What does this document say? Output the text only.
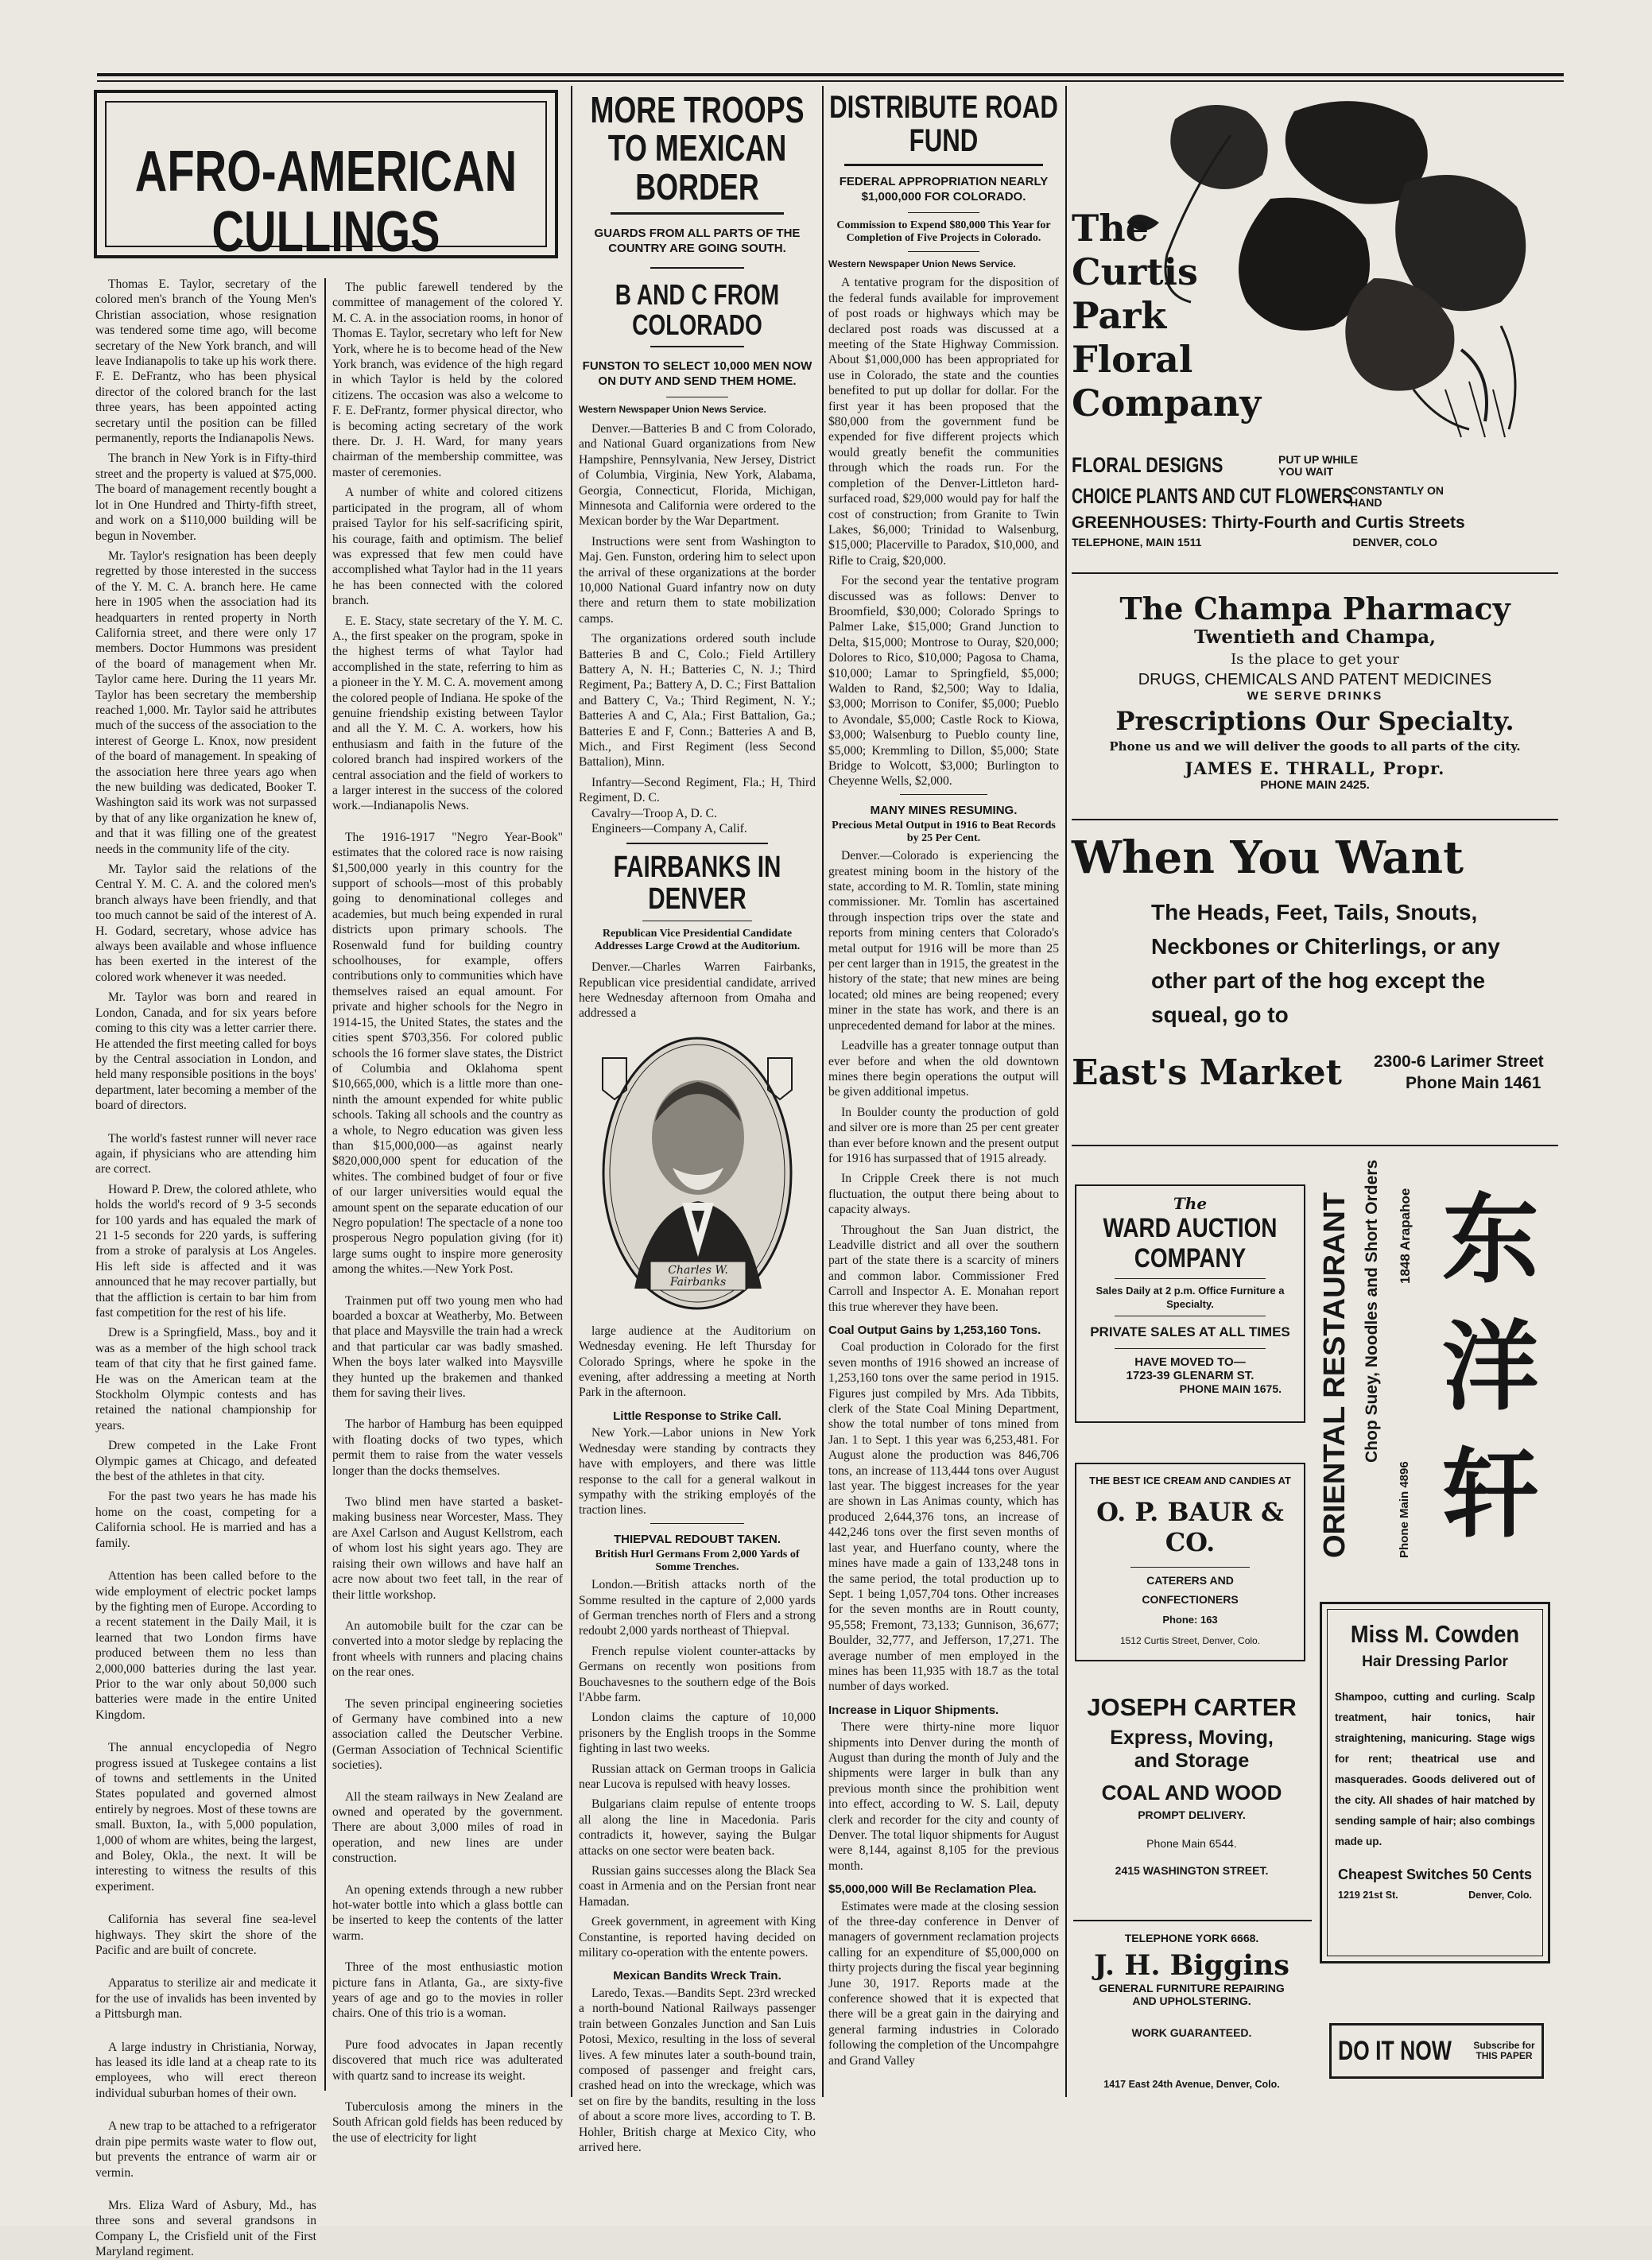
AFRO-AMERICAN CULLINGS

Thomas E. Taylor, secretary of the colored men's branch of the Young Men's Christian association, whose resignation was tendered some time ago, will become secretary of the New York branch, and will leave Indianapolis to take up his work there. F. E. DeFrantz, who has been physical director of the colored branch for the last three years, has been appointed acting secretary until the position can be filled permanently, reports the Indianapolis News.

The branch in New York is in Fifty-third street and the property is valued at $75,000. The board of management recently bought a lot in One Hundred and Thirty-fifth street, and work on a $110,000 building will be begun in November.

Mr. Taylor's resignation has been deeply regretted by those interested in the success of the Y. M. C. A. branch here. He came here in 1905 when the association had its headquarters in rented property in North California street, and there were only 17 members. Doctor Hummons was president of the board of management when Mr. Taylor came here. During the 11 years Mr. Taylor has been secretary the membership reached 1,000. Mr. Taylor said he attributes much of the success of the association to the interest of George L. Knox, now president of the board of management. In speaking of the association here three years ago when the new building was dedicated, Booker T. Washington said its work was not surpassed by that of any like organization he knew of, and that it was filling one of the greatest needs in the community life of the city.

Mr. Taylor said the relations of the Central Y. M. C. A. and the colored men's branch always have been friendly, and that too much cannot be said of the interest of A. H. Godard, secretary, whose advice has always been available and whose influence has been exerted in the interest of the colored work whenever it was needed.

Mr. Taylor was born and reared in London, Canada, and for six years before coming to this city was a letter carrier there. He attended the first meeting called for boys by the Central association in London, and held many responsible positions in the boys' department, later becoming a member of the board of directors.

The world's fastest runner will never race again, if physicians who are attending him are correct.

Howard P. Drew, the colored athlete, who holds the world's record of 9 3-5 seconds for 100 yards and has equaled the mark of 21 1-5 seconds for 220 yards, is suffering from a stroke of paralysis at Los Angeles. His left side is affected and it was announced that he may recover partially, but that the affliction is certain to bar him from fast competition for the rest of his life.

Drew is a Springfield, Mass., boy and it was as a member of the high school track team of that city that he first gained fame. He was on the American team at the Stockholm Olympic contests and has retained the national championship for years.

Drew competed in the Lake Front Olympic games at Chicago, and defeated the best of the athletes in that city.

For the past two years he has made his home on the coast, competing for a California school. He is married and has a family.

Attention has been called before to the wide employment of electric pocket lamps by the fighting men of Europe. According to a recent statement in the Daily Mail, it is learned that two London firms have produced between them no less than 2,000,000 batteries during the last year. Prior to the war only about 50,000 such batteries were made in the entire United Kingdom.

The annual encyclopedia of Negro progress issued at Tuskegee contains a list of towns and settlements in the United States populated and governed almost entirely by negroes. Most of these towns are small. Buxton, Ia., with 5,000 population, 1,000 of whom are whites, being the largest, and Boley, Okla., the next. It will be interesting to witness the results of this experiment.

California has several fine sea-level highways. They skirt the shore of the Pacific and are built of concrete.

Apparatus to sterilize air and medicate it for the use of invalids has been invented by a Pittsburgh man.

A large industry in Christiania, Norway, has leased its idle land at a cheap rate to its employees, who will erect thereon individual suburban homes of their own.

A new trap to be attached to a refrigerator drain pipe permits waste water to flow out, but prevents the entrance of warm air or vermin.

Mrs. Eliza Ward of Asbury, Md., has three sons and several grandsons in Company L, the Crisfield unit of the First Maryland regiment.

The public farewell tendered by the committee of management of the colored Y. M. C. A. in the association rooms, in honor of Thomas E. Taylor, secretary who left for New York, where he is to become head of the New York branch, was evidence of the high regard in which Taylor is held by the colored citizens. The occasion was also a welcome to F. E. DeFrantz, former physical director, who is becoming acting secretary of the work there. Dr. J. H. Ward, for many years chairman of the membership committee, was master of ceremonies.

A number of white and colored citizens participated in the program, all of whom praised Taylor for his self-sacrificing spirit, his courage, faith and optimism. The belief was expressed that few men could have accomplished what Taylor had in the 11 years he has been connected with the colored branch.

E. E. Stacy, state secretary of the Y. M. C. A., the first speaker on the program, spoke in the highest terms of what Taylor had accomplished in the state, referring to him as a pioneer in the Y. M. C. A. movement among the colored people of Indiana. He spoke of the genuine friendship existing between Taylor and all the Y. M. C. A. workers, how his enthusiasm and faith in the future of the colored branch had inspired workers of the central association and the field of workers to a larger interest in the success of the colored work.—Indianapolis News.

The 1916-1917 "Negro Year-Book" estimates that the colored race is now raising $1,500,000 yearly in this country for the support of schools—most of this probably going to denominational colleges and academies, but much being expended in rural districts upon primary schools. The Rosenwald fund for building country schoolhouses, for example, offers contributions only to communities which have themselves raised an equal amount. For private and higher schools for the Negro in 1914-15, the United States, the states and the cities spent $703,356. For colored public schools the 16 former slave states, the District of Columbia and Oklahoma spent $10,665,000, which is a little more than one-ninth the amount expended for white public schools. Taking all schools and the country as a whole, to Negro education was given less than $15,000,000—as against nearly $820,000,000 spent for education of the whites. The combined budget of four or five of our larger universities would equal the amount spent on the separate education of our Negro population! The spectacle of a none too prosperous Negro population giving (for it) large sums ought to inspire more generosity among the whites.—New York Post.

Trainmen put off two young men who had boarded a boxcar at Weatherby, Mo. Between that place and Maysville the train had a wreck and that particular car was badly smashed. When the boys later walked into Maysville they hunted up the brakemen and thanked them for saving their lives.

The harbor of Hamburg has been equipped with floating docks of two types, which permit them to raise from the water vessels longer than the docks themselves.

Two blind men have started a basket-making business near Worcester, Mass. They are Axel Carlson and August Kellstrom, each of whom lost his sight years ago. They are raising their own willows and have half an acre now about two feet tall, in the rear of their little workshop.

An automobile built for the czar can be converted into a motor sledge by replacing the front wheels with runners and placing chains on the rear ones.

The seven principal engineering societies of Germany have combined into a new association called the Deutscher Verbine. (German Association of Technical Scientific societies).

All the steam railways in New Zealand are owned and operated by the government. There are about 3,000 miles of road in operation, and new lines are under construction.

An opening extends through a new rubber hot-water bottle into which a glass bottle can be inserted to keep the contents of the latter warm.

Three of the most enthusiastic motion picture fans in Atlanta, Ga., are sixty-five years of age and go to the movies in roller chairs. One of this trio is a woman.

Pure food advocates in Japan recently discovered that much rice was adulterated with quartz sand to increase its weight.

Tuberculosis among the miners in the South African gold fields has been reduced by the use of electricity for light

MORE TROOPS TO MEXICAN BORDER
GUARDS FROM ALL PARTS OF THE COUNTRY ARE GOING SOUTH.
B AND C FROM COLORADO
FUNSTON TO SELECT 10,000 MEN NOW ON DUTY AND SEND THEM HOME.
Western Newspaper Union News Service.

Denver.—Batteries B and C from Colorado, and National Guard organizations from New Hampshire, Pennsylvania, New Jersey, District of Columbia, Virginia, New York, Alabama, Georgia, Connecticut, Florida, Michigan, Minnesota and California were ordered to the Mexican border by the War Department.

Instructions were sent from Washington to Maj. Gen. Funston, ordering him to select upon the arrival of these organizations at the border 10,000 National Guard infantry now on duty there and return them to state mobilization camps.

The organizations ordered south include Batteries B and C, Colo.; Field Artillery Battery A, N. H.; Batteries C, N. J.; Third Regiment, Pa.; Battery A, D. C.; First Battalion and Battery C, Va.; Third Regiment, N. Y.; Batteries A and C, Ala.; First Battalion, Ga.; Batteries E and F, Conn.; Batteries A and B, Mich., and First Regiment (less Second Battalion), Minn.

Infantry—Second Regiment, Fla.; H, Third Regiment, D. C.

Cavalry—Troop A, D. C.

Engineers—Company A, Calif.

FAIRBANKS IN DENVER
Republican Vice Presidential Candidate Addresses Large Crowd at the Auditorium.

Denver.—Charles Warren Fairbanks, Republican vice presidential candidate, arrived here Wednesday afternoon from Omaha and addressed a

Charles W. Fairbanks

large audience at the Auditorium on Wednesday evening. He left Thursday for Colorado Springs, where he spoke in the evening, after addressing a meeting at North Park in the afternoon.

Little Response to Strike Call.

New York.—Labor unions in New York Wednesday were standing by contracts they have with employers, and there was little response to the call for a general walkout in sympathy with the striking employés of the traction lines.

THIEPVAL REDOUBT TAKEN.
British Hurl Germans From 2,000 Yards of Somme Trenches.

London.—British attacks north of the Somme resulted in the capture of 2,000 yards of German trenches north of Flers and a strong redoubt 2,000 yards northeast of Thiepval.

French repulse violent counter-attacks by Germans on recently won positions from Bouchavesnes to the southern edge of the Bois l'Abbe farm.

London claims the capture of 10,000 prisoners by the English troops in the Somme fighting in last two weeks.

Russian attack on German troops in Galicia near Lucova is repulsed with heavy losses.

Bulgarians claim repulse of entente troops all along the line in Macedonia. Paris contradicts it, however, saying the Bulgar attacks on one sector were beaten back.

Russian gains successes along the Black Sea coast in Armenia and on the Persian front near Hamadan.

Greek government, in agreement with King Constantine, is reported having decided on military co-operation with the entente powers.

Mexican Bandits Wreck Train.

Laredo, Texas.—Bandits Sept. 23rd wrecked a north-bound National Railways passenger train between Gonzales Junction and San Luis Potosi, Mexico, resulting in the loss of several lives. A few minutes later a south-bound train, composed of passenger and freight cars, crashed head on into the wreckage, which was set on fire by the bandits, resulting in the loss of about a score more lives, according to T. B. Hohler, British charge at Mexico City, who arrived here.

DISTRIBUTE ROAD FUND
FEDERAL APPROPRIATION NEARLY $1,000,000 FOR COLORADO.
Commission to Expend $80,000 This Year for Completion of Five Projects in Colorado.
Western Newspaper Union News Service.

A tentative program for the disposition of the federal funds available for improvement of post roads or highways which may be declared post roads was discussed at a meeting of the State Highway Commission. About $1,000,000 has been appropriated for use in Colorado, the state and the counties benefited to put up dollar for dollar. For the first year it has been proposed that the $80,000 from the government fund be expended for five different projects which would greatly benefit the communities through which the roads run. For the completion of the Denver-Littleton hard-surfaced road, $29,000 would pay for half the cost of construction; from Granite to Twin Lakes, $6,000; Trinidad to Walsenburg, $15,000; Placerville to Paradox, $10,000, and Rifle to Craig, $20,000.

For the second year the tentative program discussed was as follows: Denver to Broomfield, $30,000; Colorado Springs to Palmer Lake, $15,000; Grand Junction to Delta, $15,000; Montrose to Ouray, $20,000; Dolores to Rico, $10,000; Pagosa to Chama, $10,000; Lamar to Springfield, $5,000; Walden to Rand, $2,500; Way to Idalia, $3,000; Morrison to Conifer, $5,000; Pueblo to Avondale, $5,000; Castle Rock to Kiowa, $3,000; Walsenburg to Pueblo county line, $5,000; Kremmling to Dillon, $5,000; State Bridge to Wolcott, $3,000; Burlington to Cheyenne Wells, $2,000.

MANY MINES RESUMING.
Precious Metal Output in 1916 to Beat Records by 25 Per Cent.

Denver.—Colorado is experiencing the greatest mining boom in the history of the state, according to M. R. Tomlin, state mining commissioner. Mr. Tomlin has ascertained through inspection trips over the state and reports from mining centers that Colorado's metal output for 1916 will be more than 25 per cent larger than in 1915, the greatest in the history of the state; that new mines are being located; old mines are being reopened; every miner in the state has work, and there is an unprecedented demand for labor at the mines.

Leadville has a greater tonnage output than ever before and when the old downtown mines there begin operations the output will be given additional impetus.

In Boulder county the production of gold and silver ore is more than 25 per cent greater than ever before known and the present output for 1916 has surpassed that of 1915 already.

In Cripple Creek there is not much fluctuation, the output there being about to capacity always.

Throughout the San Juan district, the Leadville district and all over the southern part of the state there is a scarcity of miners and common labor. Commissioner Fred Carroll and Inspector A. E. Monahan report this true wherever they have been.

Coal Output Gains by 1,253,160 Tons.

Coal production in Colorado for the first seven months of 1916 showed an increase of 1,253,160 tons over the same period in 1915. Figures just compiled by Mrs. Ada Tibbits, clerk of the State Coal Mining Department, show the total number of tons mined from Jan. 1 to Sept. 1 this year was 6,253,481. For August alone the production was 846,706 tons, an increase of 113,444 tons over August last year. The biggest increases for the year are shown in Las Animas county, which has produced 2,644,376 tons, an increase of 442,246 tons over the first seven months of last year, and Huerfano county, where the mines have made a gain of 133,248 tons in the same period, the total production up to Sept. 1 being 1,057,704 tons. Other increases for the seven months are in Routt county, 95,558; Fremont, 73,133; Gunnison, 36,677; Boulder, 32,777, and Jefferson, 17,271. The average number of men employed in the mines has been 11,935 with 18.7 as the total number of days worked.

Increase in Liquor Shipments.

There were thirty-nine more liquor shipments into Denver during the month of August than during the month of July and the shipments were larger in bulk than any previous month since the prohibition went into effect, according to W. S. Lail, deputy clerk and recorder for the city and county of Denver. The total liquor shipments for August were 8,144, against 8,105 for the previous month.

$5,000,000 Will Be Reclamation Plea.

Estimates were made at the closing session of the three-day conference in Denver of managers of government reclamation projects calling for an expenditure of $5,000,000 on thirty projects during the fiscal year beginning June 30, 1917. Reports made at the conference showed that it is expected that there will be a great gain in the dairying and general farming industries in Colorado following the completion of the Uncompahgre and Grand Valley

The
Curtis
Park
Floral
Company
FLORAL DESIGNS	PUT UP WHILE YOU WAIT
CHOICE PLANTS AND CUT FLOWERS
CONSTANTLY ON HAND
GREENHOUSES: Thirty-Fourth and Curtis Streets
TELEPHONE, MAIN 1511	DENVER, COLO
The Champa Pharmacy
Twentieth and Champa,
Is the place to get your
DRUGS, CHEMICALS AND PATENT MEDICINES
WE SERVE DRINKS
Prescriptions Our Specialty.
Phone us and we will deliver the goods to all parts of the city.
JAMES E. THRALL, Propr.
PHONE MAIN 2425.
When You Want
The Heads, Feet, Tails, Snouts, Neckbones or Chiterlings, or any other part of the hog except the squeal, go to
East's Market	2300-6 Larimer Street
Phone Main 1461
The
WARD AUCTION
COMPANY
Sales Daily at 2 p.m. Office Furniture a Specialty.
PRIVATE SALES AT ALL TIMES
HAVE MOVED TO—
1723-39 GLENARM ST.
PHONE MAIN 1675.
THE BEST ICE CREAM AND CANDIES AT
O. P. BAUR & CO.
CATERERS AND
CONFECTIONERS
Phone: 163
1512 Curtis Street, Denver, Colo.
ORIENTAL RESTAURANT Chop Suey, Noodles and Short Orders 1848 Arapahoe
Phone Main 4896
东洋轩
Miss M. Cowden
Hair Dressing Parlor
Shampoo, cutting and curling. Scalp treatment, hair tonics, hair straightening, manicuring. Stage wigs for rent; theatrical use and masquerades. Goods delivered out of the city. All shades of hair matched by sending sample of hair; also combings made up.
Cheapest Switches 50 Cents
1219 21st St.	Denver, Colo.
JOSEPH CARTER
Express, Moving,
and Storage
COAL AND WOOD
PROMPT DELIVERY.
Phone Main 6544.
2415 WASHINGTON STREET.
TELEPHONE YORK 6668.
J. H. Biggins
GENERAL FURNITURE REPAIRING
AND UPHOLSTERING.
WORK GUARANTEED.
1417 East 24th Avenue, Denver, Colo.
DO IT NOW Subscribe for THIS PAPER
